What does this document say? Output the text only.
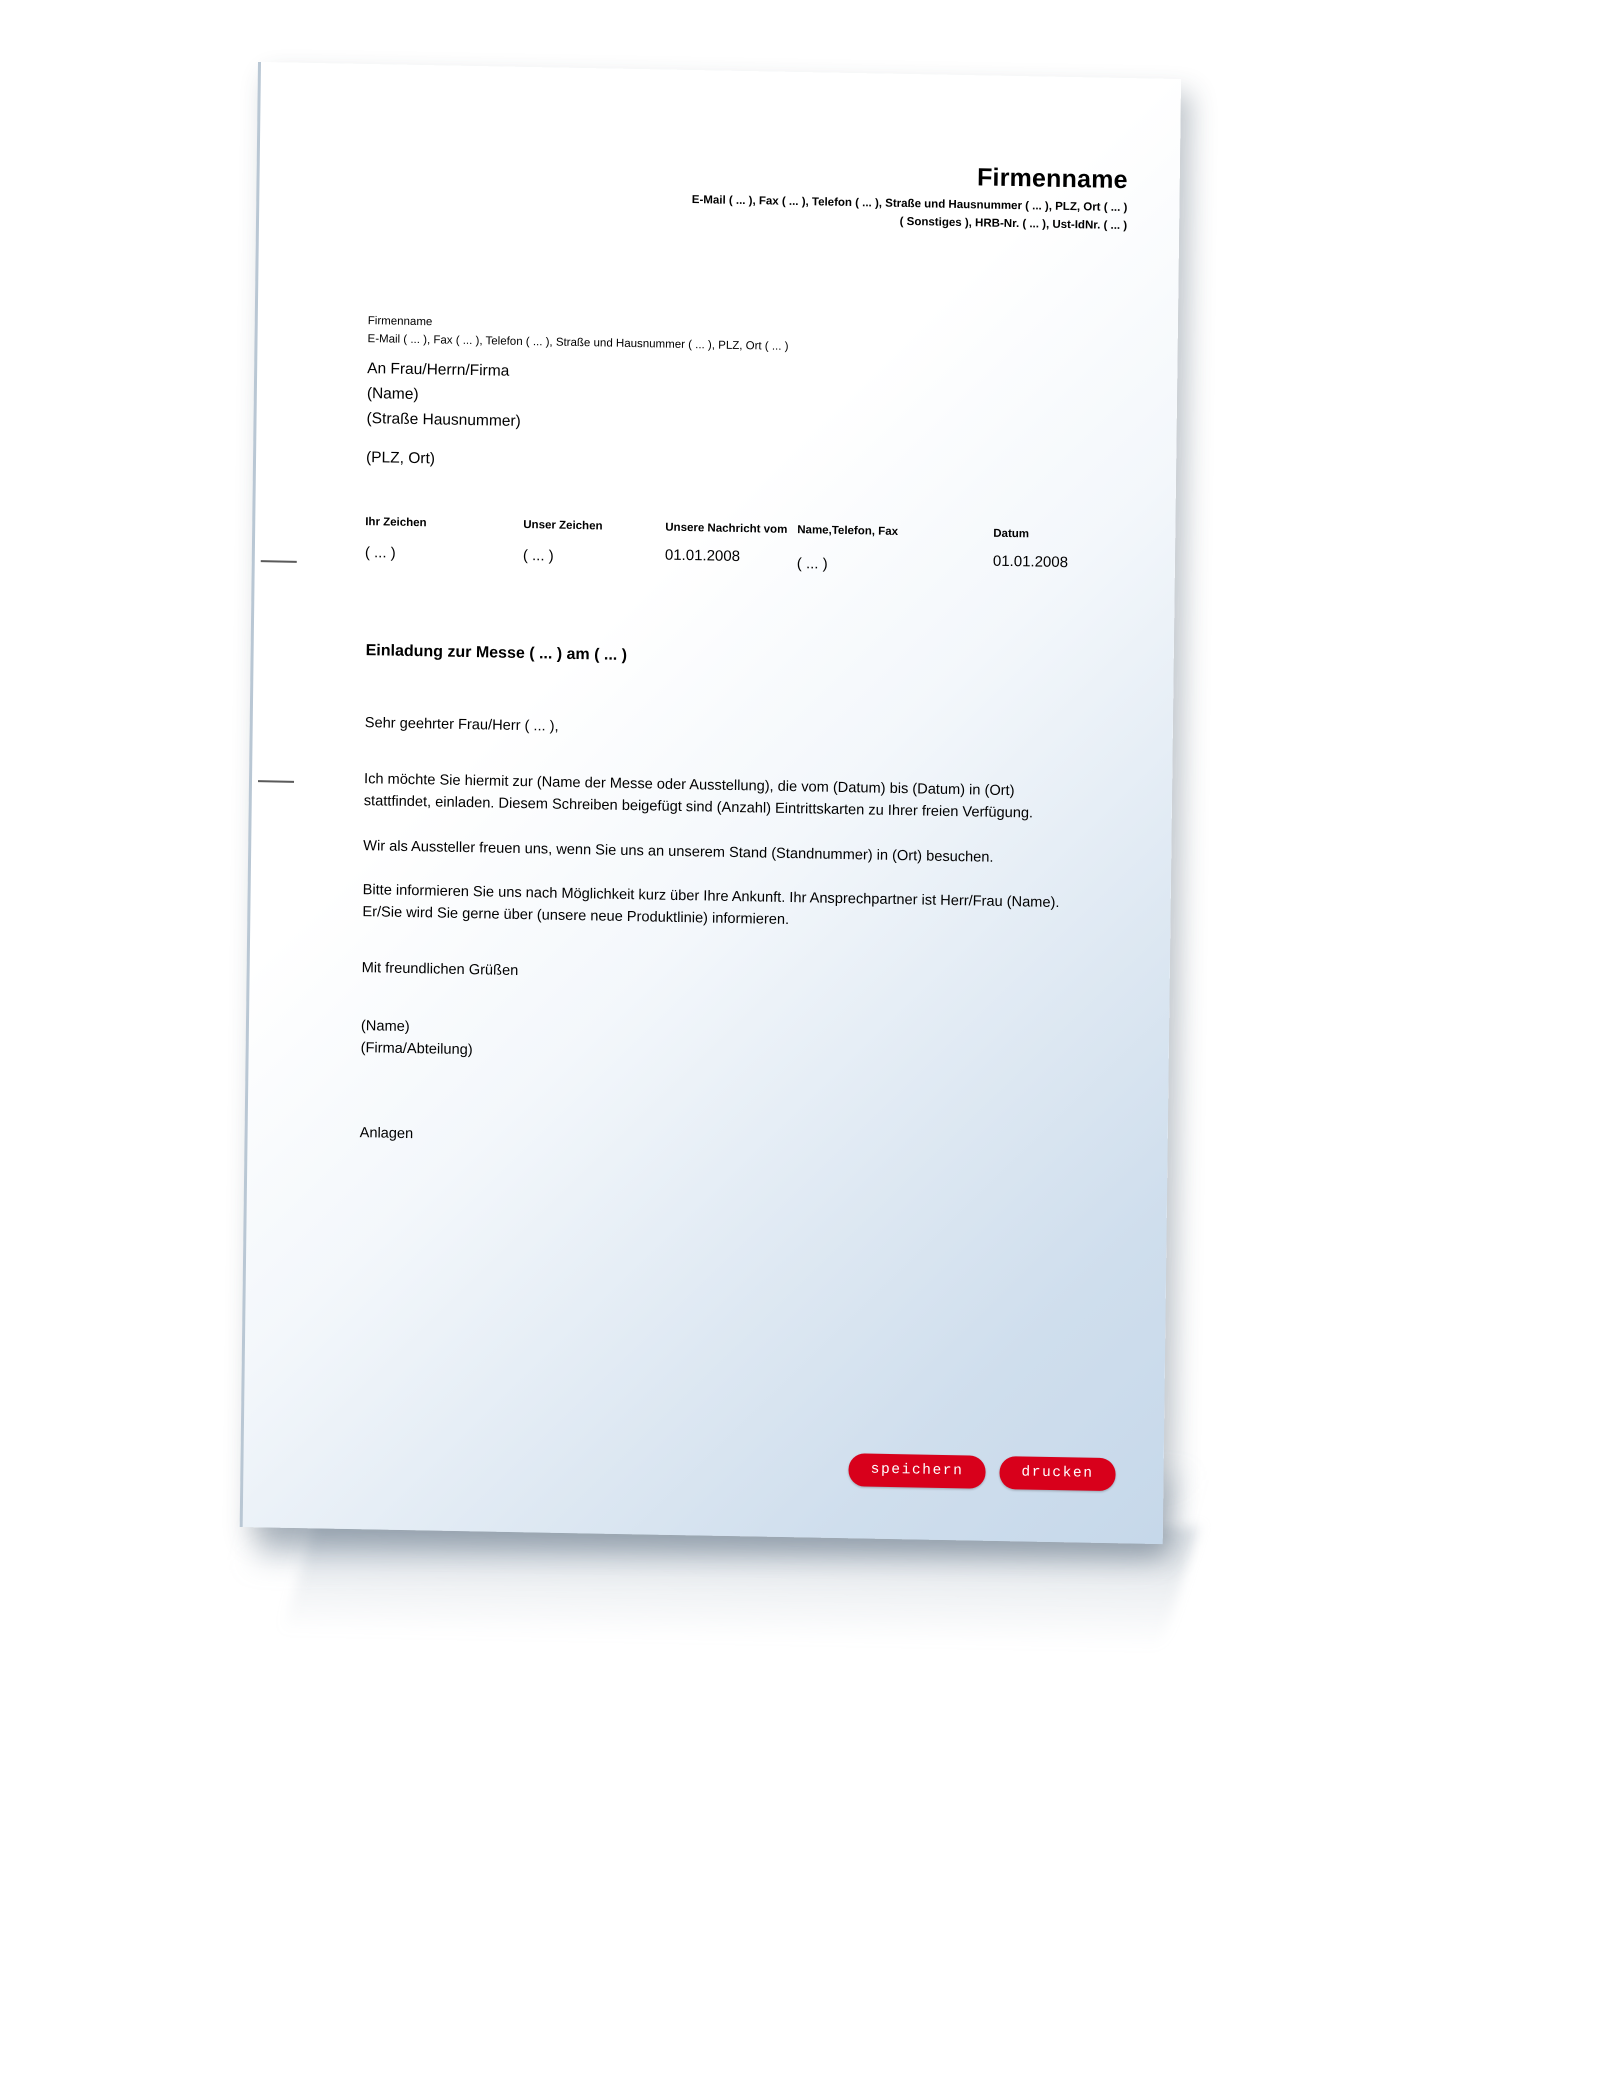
Firmenname
E-Mail ( ... ), Fax ( ... ), Telefon ( ... ), Straße und Hausnummer ( ... ), PLZ, Ort ( ... )
( Sonstiges ), HRB-Nr. ( ... ), Ust-IdNr. ( ... )
Firmenname
E-Mail ( ... ), Fax ( ... ), Telefon ( ... ), Straße und Hausnummer ( ... ), PLZ, Ort ( ... )
An Frau/Herrn/Firma
(Name)
(Straße Hausnummer)
(PLZ, Ort)
Ihr Zeichen
( ... )
Unser Zeichen
( ... )
Unsere Nachricht vom
01.01.2008
Name,Telefon, Fax
( ... )
Datum
01.01.2008
Einladung zur Messe ( ... ) am ( ... )

Sehr geehrter Frau/Herr ( ... ),

Ich möchte Sie hiermit zur (Name der Messe oder Ausstellung), die vom (Datum) bis (Datum) in (Ort) stattfindet, einladen. Diesem Schreiben beigefügt sind (Anzahl) Eintrittskarten zu Ihrer freien Verfügung.

Wir als Aussteller freuen uns, wenn Sie uns an unserem Stand (Standnummer) in (Ort) besuchen.

Bitte informieren Sie uns nach Möglichkeit kurz über Ihre Ankunft. Ihr Ansprechpartner ist Herr/Frau (Name). Er/Sie wird Sie gerne über (unsere neue Produktlinie) informieren.

Mit freundlichen Grüßen

(Name)

(Firma/Abteilung)

Anlagen

speichern	drucken
